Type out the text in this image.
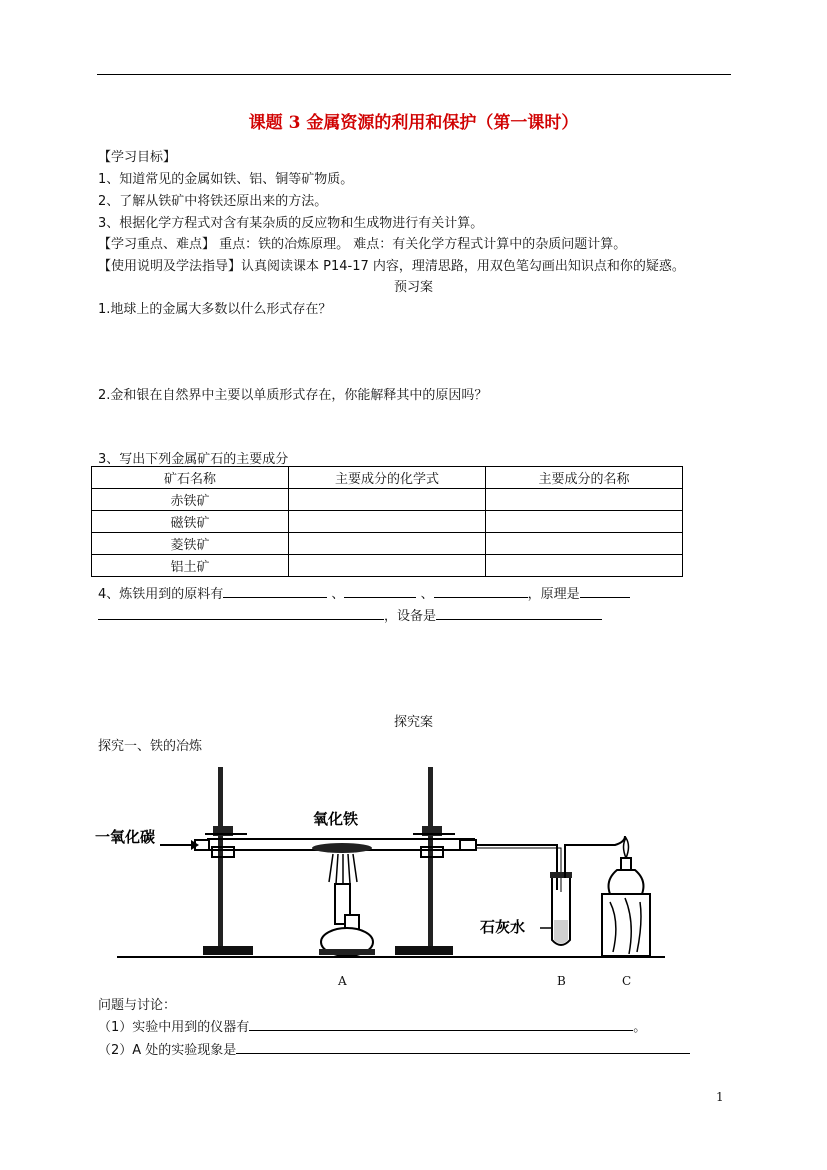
课题 3 金属资源的利用和保护（第一课时）
【学习目标】
1、知道常见的金属如铁、铝、铜等矿物质。
2、了解从铁矿中将铁还原出来的方法。
3、根据化学方程式对含有某杂质的反应物和生成物进行有关计算。
【学习重点、难点】 重点：铁的冶炼原理。 难点：有关化学方程式计算中的杂质问题计算。
【使用说明及学法指导】认真阅读课本 P14-17 内容，理清思路，用双色笔勾画出知识点和你的疑惑。
预习案
1.地球上的金属大多数以什么形式存在？
2.金和银在自然界中主要以单质形式存在，你能解释其中的原因吗？
3、写出下列金属矿石的主要成分
矿石名称	主要成分的化学式	主要成分的名称
赤铁矿		
磁铁矿		
菱铁矿		
铝土矿		
4、炼铁用到的原料有	、	、	，原理是
，设备是
探究案
探究一、铁的冶炼
一氧化碳
氧化铁
石灰水
A	B	C
问题与讨论：
（1）实验中用到的仪器有	。
（2）A 处的实验现象是
1
